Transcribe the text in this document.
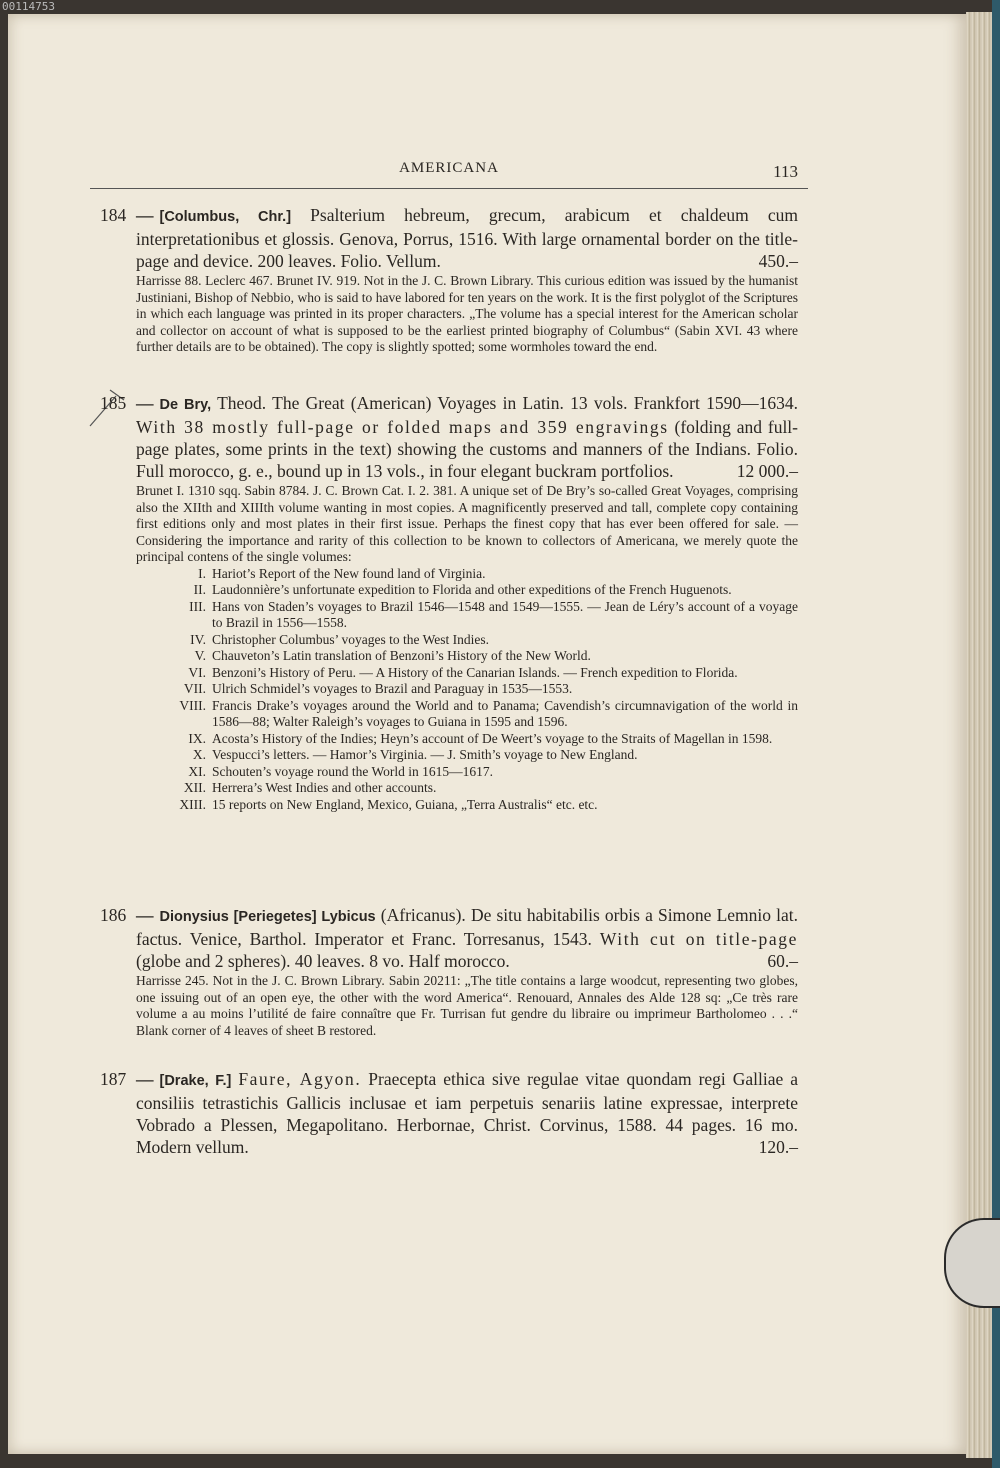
00114753
AMERICANA	113
184 — [Columbus, Chr.] Psalterium hebreum, grecum, arabicum et chaldeum cum interpretationibus et glossis. Genova, Porrus, 1516. With large ornamental border on the title-page and device. 200 leaves. Folio. Vellum.	450.–
Harrisse 88. Leclerc 467. Brunet IV. 919. Not in the J. C. Brown Library. This curious edition was issued by the humanist Justiniani, Bishop of Nebbio, who is said to have labored for ten years on the work. It is the first polyglot of the Scriptures in which each language was printed in its proper characters. „The volume has a special interest for the American scholar and collector on account of what is supposed to be the earliest printed biography of Columbus“ (Sabin XVI. 43 where further details are to be obtained). The copy is slightly spotted; some wormholes toward the end.
185 — De Bry, Theod. The Great (American) Voyages in Latin. 13 vols. Frankfort 1590—1634. With 38 mostly full-page or folded maps and 359 engravings (folding and full-page plates, some prints in the text) showing the customs and manners of the Indians. Folio. Full morocco, g. e., bound up in 13 vols., in four elegant buckram portfolios.	12 000.–
Brunet I. 1310 sqq. Sabin 8784. J. C. Brown Cat. I. 2. 381. A unique set of De Bry’s so-called Great Voyages, comprising also the XIIth and XIIIth volume wanting in most copies. A magnificently preserved and tall, complete copy containing first editions only and most plates in their first issue. Perhaps the finest copy that has ever been offered for sale. — Considering the importance and rarity of this collection to be known to collectors of Americana, we merely quote the principal contens of the single volumes:
I. Hariot’s Report of the New found land of Virginia.
II. Laudonnière’s unfortunate expedition to Florida and other expeditions of the French Huguenots.
III. Hans von Staden’s voyages to Brazil 1546—1548 and 1549—1555. — Jean de Léry’s account of a voyage to Brazil in 1556—1558.
IV. Christopher Columbus’ voyages to the West Indies.
V. Chauveton’s Latin translation of Benzoni’s History of the New World.
VI. Benzoni’s History of Peru. — A History of the Canarian Islands. — French expedition to Florida.
VII. Ulrich Schmidel’s voyages to Brazil and Paraguay in 1535—1553.
VIII. Francis Drake’s voyages around the World and to Panama; Cavendish’s circumnavigation of the world in 1586—88; Walter Raleigh’s voyages to Guiana in 1595 and 1596.
IX. Acosta’s History of the Indies; Heyn’s account of De Weert’s voyage to the Straits of Magellan in 1598.
X. Vespucci’s letters. — Hamor’s Virginia. — J. Smith’s voyage to New England.
XI. Schouten’s voyage round the World in 1615—1617.
XII. Herrera’s West Indies and other accounts.
XIII. 15 reports on New England, Mexico, Guiana, „Terra Australis“ etc. etc.
186 — Dionysius [Periegetes] Lybicus (Africanus). De situ habitabilis orbis a Simone Lemnio lat. factus. Venice, Barthol. Imperator et Franc. Torresanus, 1543. With cut on title-page (globe and 2 spheres). 40 leaves. 8 vo. Half morocco.	60.–
Harrisse 245. Not in the J. C. Brown Library. Sabin 20211: „The title contains a large woodcut, representing two globes, one issuing out of an open eye, the other with the word America“. Renouard, Annales des Alde 128 sq: „Ce très rare volume a au moins l’utilité de faire connaître que Fr. Turrisan fut gendre du libraire ou imprimeur Bartholomeo . . .“ Blank corner of 4 leaves of sheet B restored.
187 — [Drake, F.] Faure, Agyon. Praecepta ethica sive regulae vitae quondam regi Galliae a consiliis tetrastichis Gallicis inclusae et iam perpetuis senariis latine expressae, interprete Vobrado a Plessen, Megapolitano. Herbornae, Christ. Corvinus, 1588. 44 pages. 16 mo. Modern vellum.	120.–
